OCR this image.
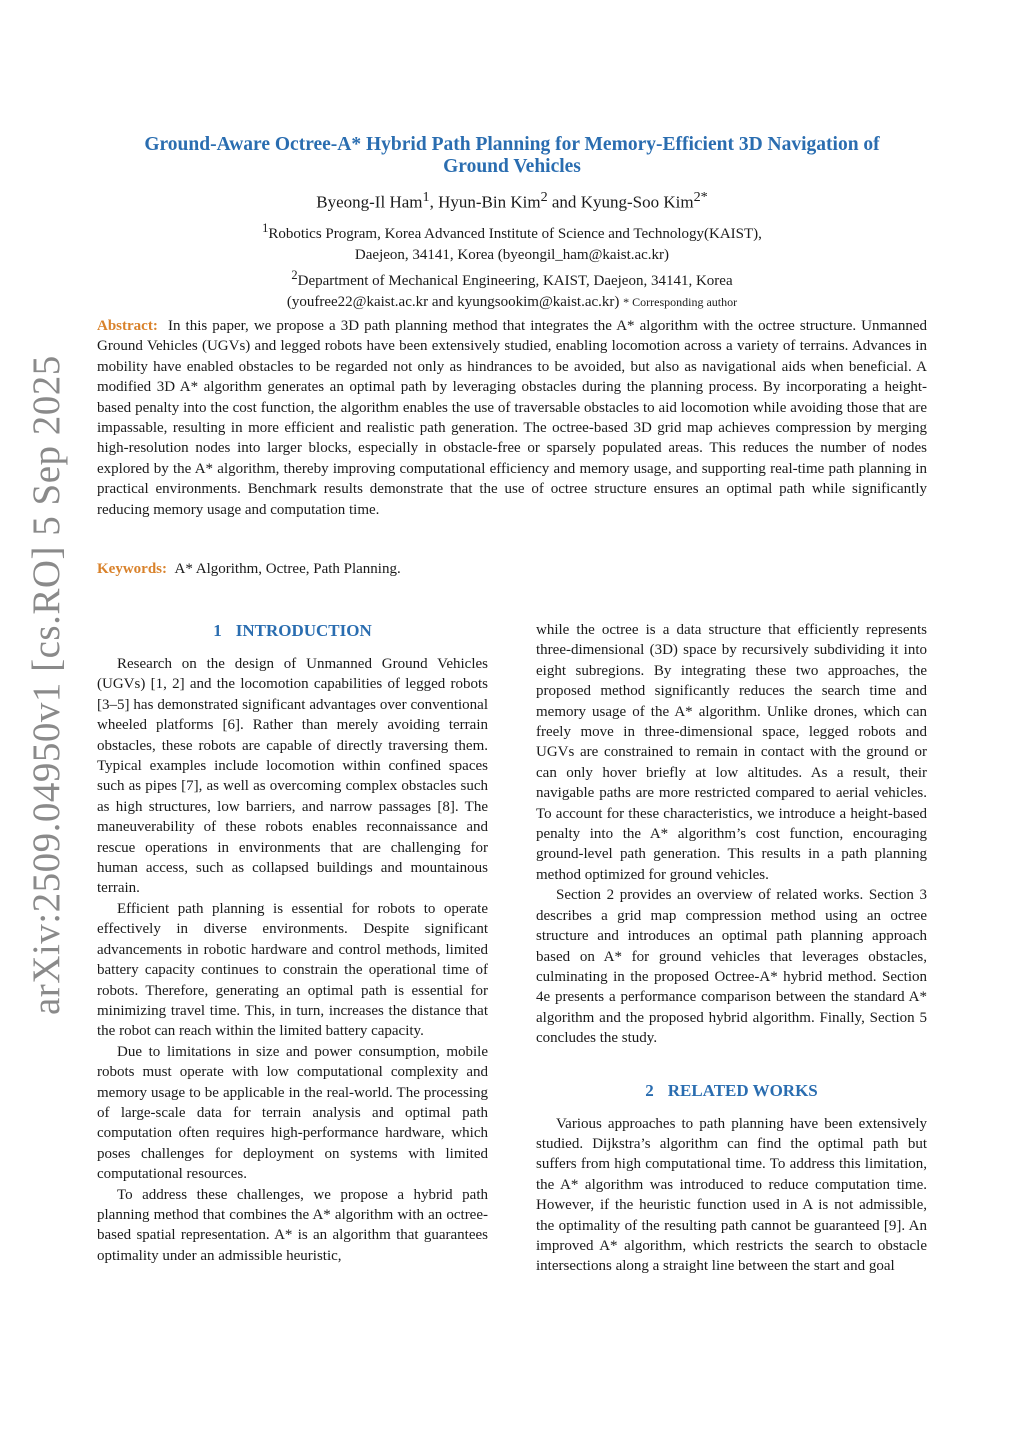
arXiv:2509.04950v1 [cs.RO] 5 Sep 2025
Ground-Aware Octree-A* Hybrid Path Planning for Memory-Efficient 3D Navigation of
Ground Vehicles
Byeong-Il Ham$^1$, Hyun-Bin Kim$^2$ and Kyung-Soo Kim$^{2*}$
$^1$Robotics Program, Korea Advanced Institute of Science and Technology(KAIST),
Daejeon, 34141, Korea (byeongil_ham@kaist.ac.kr)
$^2$Department of Mechanical Engineering, KAIST, Daejeon, 34141, Korea
(youfree22@kaist.ac.kr and kyungsookim@kaist.ac.kr) * Corresponding author

Abstract: In this paper, we propose a 3D path planning method that integrates the A* algorithm with the octree structure. Unmanned Ground Vehicles (UGVs) and legged robots have been extensively studied, enabling locomotion across a variety of terrains. Advances in mobility have enabled obstacles to be regarded not only as hindrances to be avoided, but also as navigational aids when beneficial. A modified 3D A* algorithm generates an optimal path by leveraging obstacles during the planning process. By incorporating a height-based penalty into the cost function, the algorithm enables the use of traversable obstacles to aid locomotion while avoiding those that are impassable, resulting in more efficient and realistic path generation. The octree-based 3D grid map achieves compression by merging high-resolution nodes into larger blocks, especially in obstacle-free or sparsely populated areas. This reduces the number of nodes explored by the A* algorithm, thereby improving computational efficiency and memory usage, and supporting real-time path planning in practical environments. Benchmark results demonstrate that the use of octree structure ensures an optimal path while significantly reducing memory usage and computation time.

Keywords: A* Algorithm, Octree, Path Planning.
1 INTRODUCTION

Research on the design of Unmanned Ground Vehicles (UGVs) [1, 2] and the locomotion capabilities of legged robots [3–5] has demonstrated significant advantages over conventional wheeled platforms [6]. Rather than merely avoiding terrain obstacles, these robots are capable of directly traversing them. Typical examples include locomotion within confined spaces such as pipes [7], as well as overcoming complex obstacles such as high structures, low barriers, and narrow passages [8]. The maneuverability of these robots enables reconnaissance and rescue operations in environments that are challenging for human access, such as collapsed buildings and mountainous terrain.

Efficient path planning is essential for robots to operate effectively in diverse environments. Despite significant advancements in robotic hardware and control methods, limited battery capacity continues to constrain the operational time of robots. Therefore, generating an optimal path is essential for minimizing travel time. This, in turn, increases the distance that the robot can reach within the limited battery capacity.

Due to limitations in size and power consumption, mobile robots must operate with low computational complexity and memory usage to be applicable in the real-world. The processing of large-scale data for terrain analysis and optimal path computation often requires high-performance hardware, which poses challenges for deployment on systems with limited computational resources.

To address these challenges, we propose a hybrid path planning method that combines the A* algorithm with an octree-based spatial representation. A* is an algorithm that guarantees optimality under an admissible heuristic,

while the octree is a data structure that efficiently represents three-dimensional (3D) space by recursively subdividing it into eight subregions. By integrating these two approaches, the proposed method significantly reduces the search time and memory usage of the A* algorithm. Unlike drones, which can freely move in three-dimensional space, legged robots and UGVs are constrained to remain in contact with the ground or can only hover briefly at low altitudes. As a result, their navigable paths are more restricted compared to aerial vehicles. To account for these characteristics, we introduce a height-based penalty into the A* algorithm’s cost function, encouraging ground-level path generation. This results in a path planning method optimized for ground vehicles.

Section 2 provides an overview of related works. Section 3 describes a grid map compression method using an octree structure and introduces an optimal path planning approach based on A* for ground vehicles that leverages obstacles, culminating in the proposed Octree-A* hybrid method. Section 4e presents a performance comparison between the standard A* algorithm and the proposed hybrid algorithm. Finally, Section 5 concludes the study.

2 RELATED WORKS

Various approaches to path planning have been extensively studied. Dijkstra’s algorithm can find the optimal path but suffers from high computational time. To address this limitation, the A* algorithm was introduced to reduce computation time. However, if the heuristic function used in A is not admissible, the optimality of the resulting path cannot be guaranteed [9]. An improved A* algorithm, which restricts the search to obstacle intersections along a straight line between the start and goal
